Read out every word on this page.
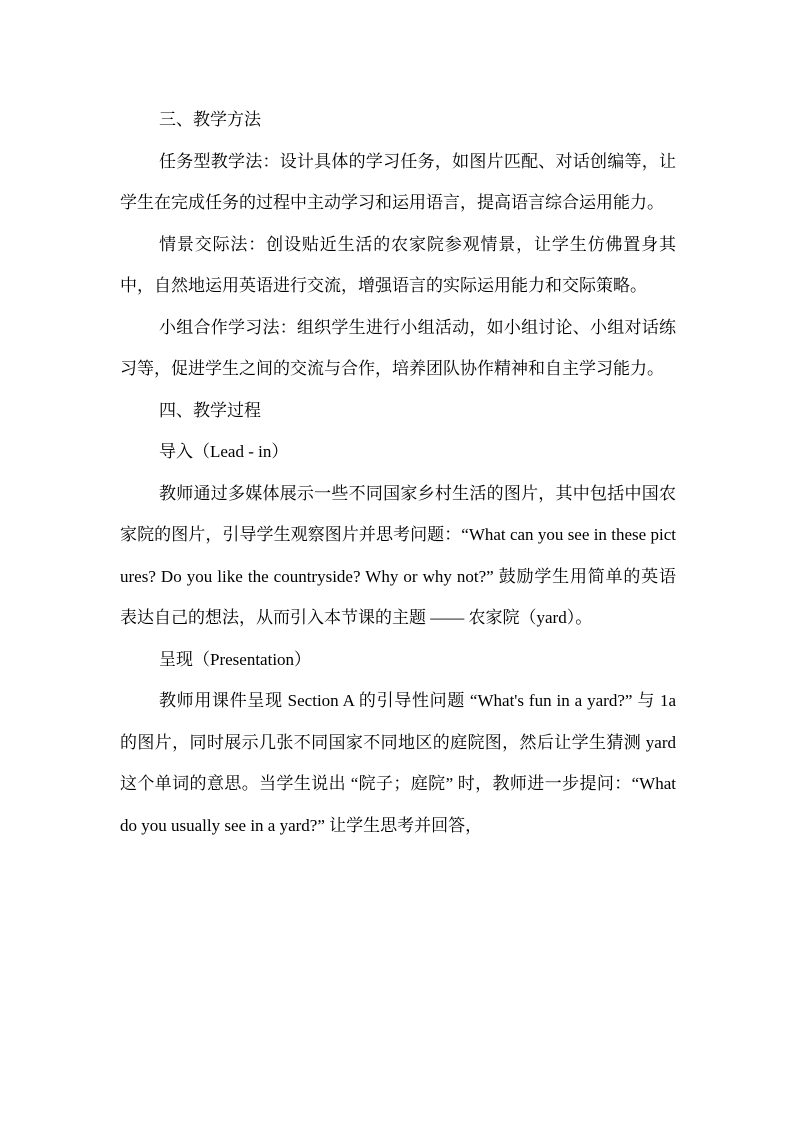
三、教学方法

任务型教学法：设计具体的学习任务，如图片匹配、对话创编等，让学生在完成任务的过程中主动学习和运用语言，提高语言综合运用能力。

情景交际法：创设贴近生活的农家院参观情景，让学生仿佛置身其中，自然地运用英语进行交流，增强语言的实际运用能力和交际策略。

小组合作学习法：组织学生进行小组活动，如小组讨论、小组对话练习等，促进学生之间的交流与合作，培养团队协作精神和自主学习能力。

四、教学过程

导入（Lead - in）

教师通过多媒体展示一些不同国家乡村生活的图片，其中包括中国农家院的图片，引导学生观察图片并思考问题：“What can you see in these pictures? Do you like the countryside? Why or why not?” 鼓励学生用简单的英语表达自己的想法，从而引入本节课的主题 —— 农家院（yard）。

呈现（Presentation）

教师用课件呈现 Section A 的引导性问题 “What's fun in a yard?” 与 1a 的图片，同时展示几张不同国家不同地区的庭院图，然后让学生猜测 yard 这个单词的意思。当学生说出 “院子；庭院” 时，教师进一步提问：“What do you usually see in a yard?” 让学生思考并回答，
